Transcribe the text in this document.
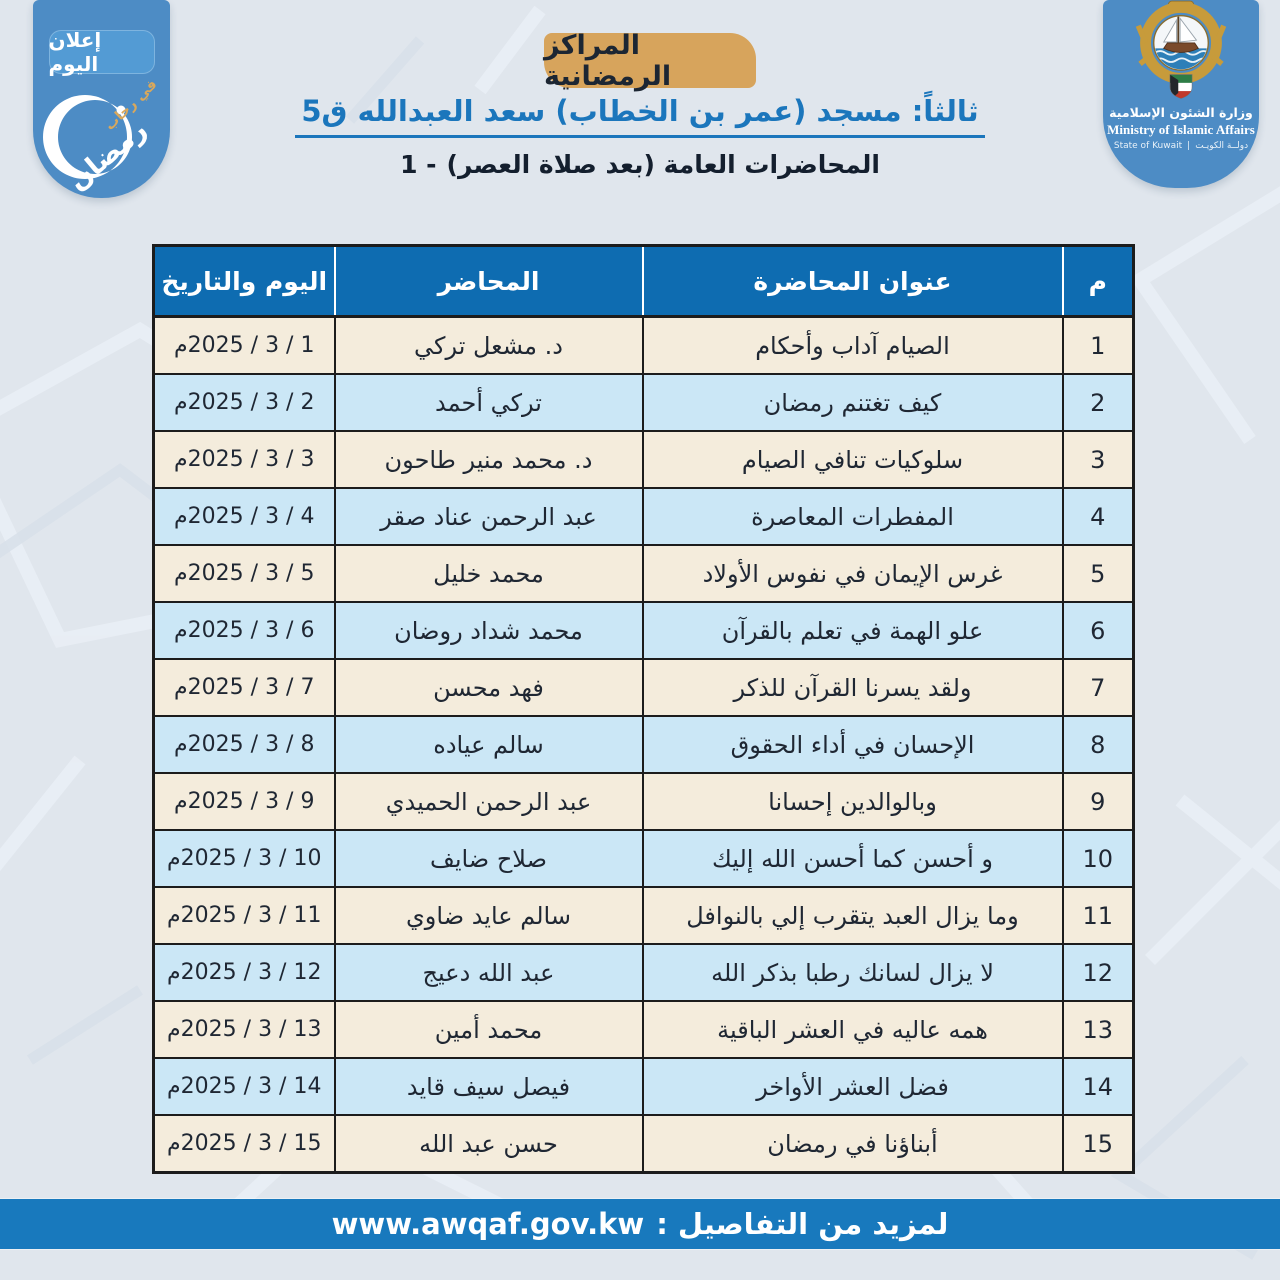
إعلان اليوم
في رحاب
رمضان
وزارة الشئون الإسلامية
Ministry of Islamic Affairs
State of Kuwait | دولــة الكويـت
المراكز الرمضانية
ثالثاً: مسجد (عمر بن الخطاب) سعد العبدالله ق5
1 - المحاضرات العامة (بعد صلاة العصر)
م	عنوان المحاضرة	المحاضر	اليوم والتاريخ
1	الصيام آداب وأحكام	د. مشعل تركي	1 / 3 / 2025م
2	كيف تغتنم رمضان	تركي أحمد	2 / 3 / 2025م
3	سلوكيات تنافي الصيام	د. محمد منير طاحون	3 / 3 / 2025م
4	المفطرات المعاصرة	عبد الرحمن عناد صقر	4 / 3 / 2025م
5	غرس الإيمان في نفوس الأولاد	محمد خليل	5 / 3 / 2025م
6	علو الهمة في تعلم بالقرآن	محمد شداد روضان	6 / 3 / 2025م
7	ولقد يسرنا القرآن للذكر	فهد محسن	7 / 3 / 2025م
8	الإحسان في أداء الحقوق	سالم عياده	8 / 3 / 2025م
9	وبالوالدين إحسانا	عبد الرحمن الحميدي	9 / 3 / 2025م
10	و أحسن كما أحسن الله إليك	صلاح ضايف	10 / 3 / 2025م
11	وما يزال العبد يتقرب إلي بالنوافل	سالم عايد ضاوي	11 / 3 / 2025م
12	لا يزال لسانك رطبا بذكر الله	عبد الله دعيج	12 / 3 / 2025م
13	همه عاليه في العشر الباقية	محمد أمين	13 / 3 / 2025م
14	فضل العشر الأواخر	فيصل سيف قايد	14 / 3 / 2025م
15	أبناؤنا في رمضان	حسن عبد الله	15 / 3 / 2025م
لمزيد من التفاصيل :
www.awqaf.gov.kw
